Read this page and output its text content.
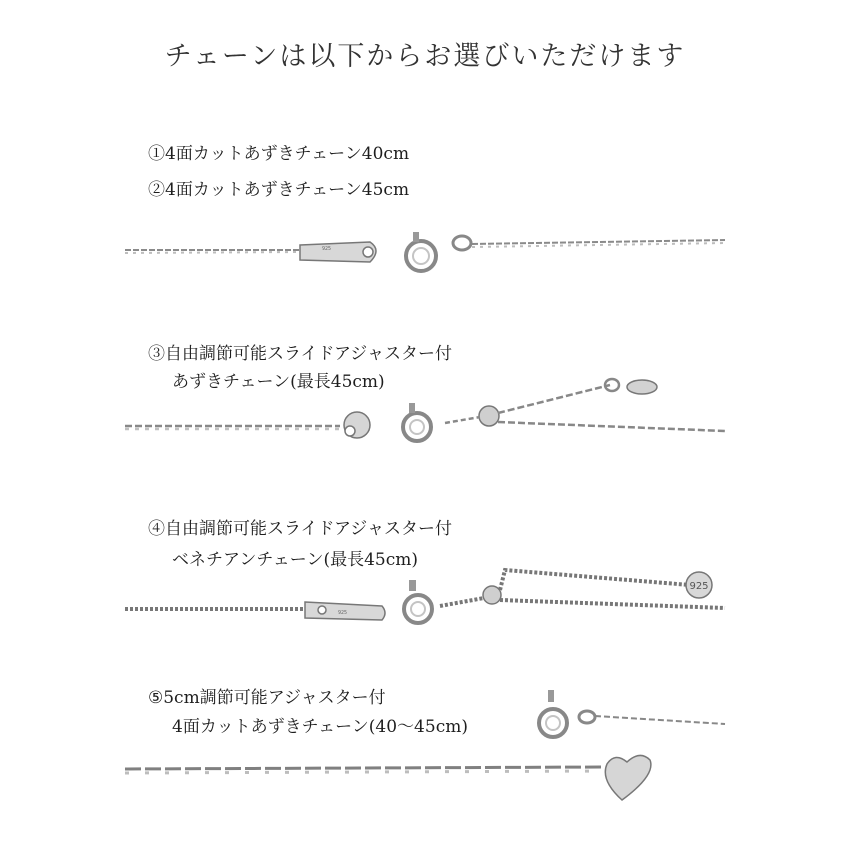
チェーンは以下からお選びいただけます
①4面カットあずきチェーン40cm
②4面カットあずきチェーン45cm
925
③自由調節可能スライドアジャスター付
あずきチェーン(最長45cm)
④自由調節可能スライドアジャスター付
ベネチアンチェーン(最長45cm)
925
925
⑤5cm調節可能アジャスター付
4面カットあずきチェーン(40〜45cm)
